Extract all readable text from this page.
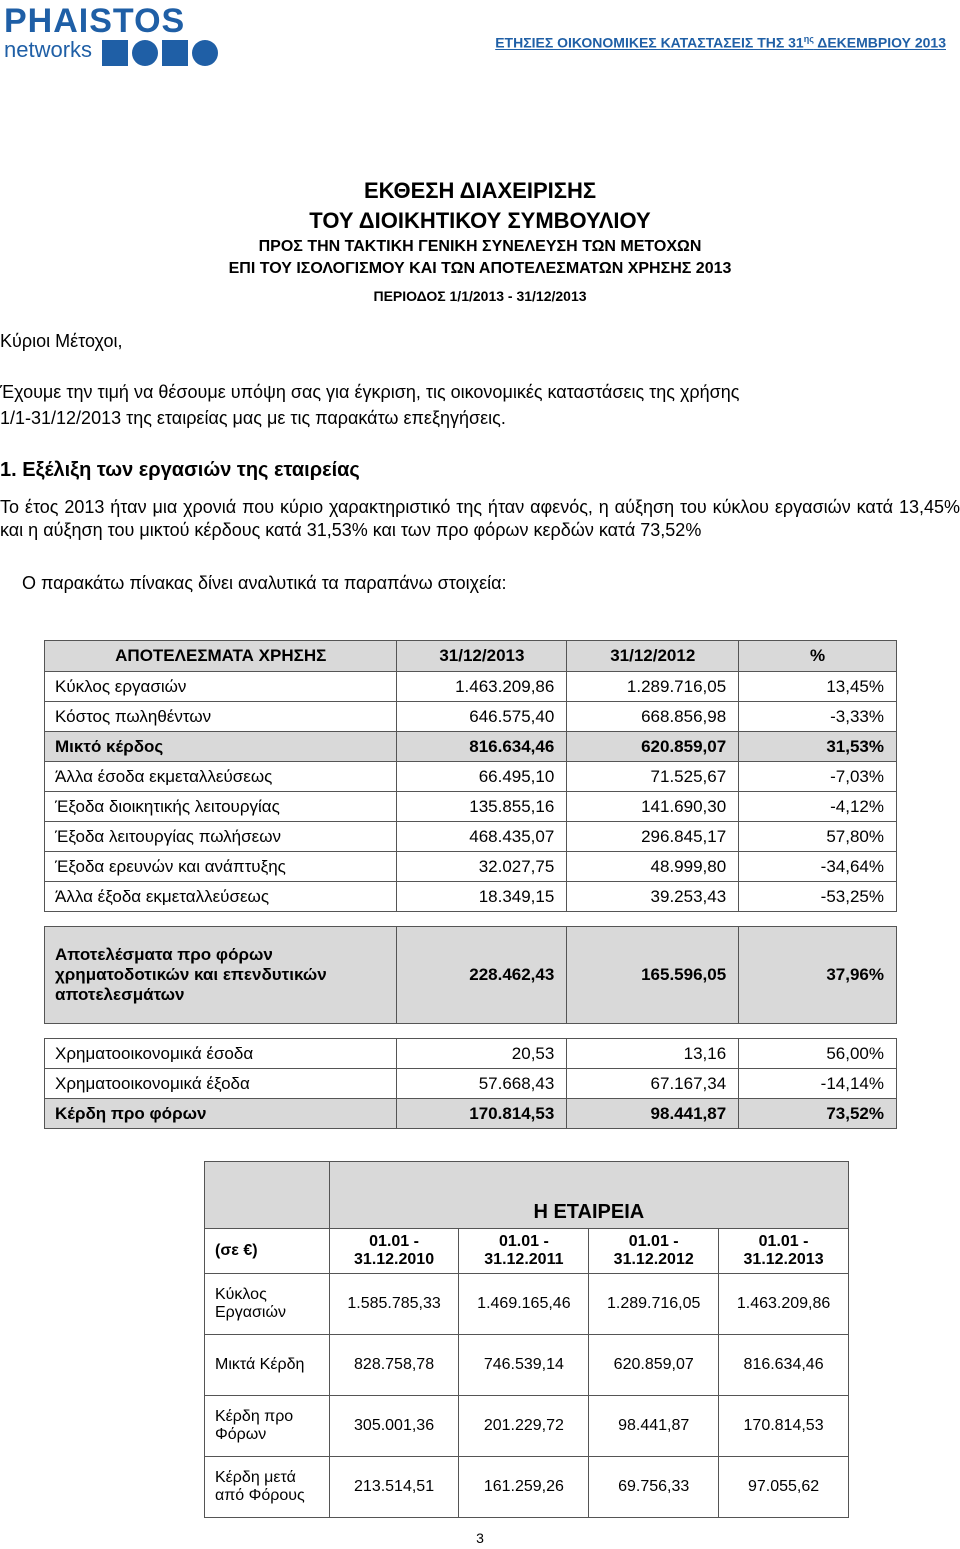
PHAISTOS
networks	ΕΤΗΣΙΕΣ ΟΙΚΟΝΟΜΙΚΕΣ ΚΑΤΑΣΤΑΣΕΙΣ ΤΗΣ $31^{\eta\varsigma}$ ΔΕΚΕΜΒΡΙΟΥ 2013
ΕΚΘΕΣΗ ΔΙΑΧΕΙΡΙΣΗΣ
ΤΟΥ ΔΙΟΙΚΗΤΙΚΟΥ ΣΥΜΒΟΥΛΙΟΥ
ΠΡΟΣ ΤΗΝ ΤΑΚΤΙΚΗ ΓΕΝΙΚΗ ΣΥΝΕΛΕΥΣΗ ΤΩΝ ΜΕΤΟΧΩΝ
ΕΠΙ ΤΟΥ ΙΣΟΛΟΓΙΣΜΟΥ ΚΑΙ ΤΩΝ ΑΠΟΤΕΛΕΣΜΑΤΩΝ ΧΡΗΣΗΣ 2013
ΠΕΡΙΟΔΟΣ 1/1/2013 - 31/12/2013
Κύριοι Μέτοχοι,
Έχουμε την τιμή να θέσουμε υπόψη σας για έγκριση, τις οικονομικές καταστάσεις της χρήσης
1/1-31/12/2013 της εταιρείας μας με τις παρακάτω επεξηγήσεις.
1. Εξέλιξη των εργασιών της εταιρείας
Το έτος 2013 ήταν μια χρονιά που κύριο χαρακτηριστικό της ήταν αφενός, η αύξηση του κύκλου εργασιών κατά 13,45% και η αύξηση του μικτού κέρδους κατά 31,53% και των προ φόρων κερδών κατά 73,52%
Ο παρακάτω πίνακας δίνει αναλυτικά τα παραπάνω στοιχεία:
ΑΠΟΤΕΛΕΣΜΑΤΑ ΧΡΗΣΗΣ	31/12/2013	31/12/2012	%
Κύκλος εργασιών	1.463.209,86	1.289.716,05	13,45%
Κόστος πωληθέντων	646.575,40	668.856,98	-3,33%
Μικτό κέρδος	816.634,46	620.859,07	31,53%
Άλλα έσοδα εκμεταλλεύσεως	66.495,10	71.525,67	-7,03%
Έξοδα διοικητικής λειτουργίας	135.855,16	141.690,30	-4,12%
Έξοδα λειτουργίας πωλήσεων	468.435,07	296.845,17	57,80%
Έξοδα ερευνών και ανάπτυξης	32.027,75	48.999,80	-34,64%
Άλλα έξοδα εκμεταλλεύσεως	18.349,15	39.253,43	-53,25%

Αποτελέσματα προ φόρων χρηματοδοτικών και επενδυτικών αποτελεσμάτων	228.462,43	165.596,05	37,96%

Χρηματοοικονομικά έσοδα	20,53	13,16	56,00%
Χρηματοοικονομικά έξοδα	57.668,43	67.167,34	-14,14%
Κέρδη προ φόρων	170.814,53	98.441,87	73,52%
	Η ΕΤΑΙΡΕΙΑ			
(σε €)	01.01 - 31.12.2010	01.01 - 31.12.2011	01.01 - 31.12.2012	01.01 - 31.12.2013
Κύκλος Εργασιών	1.585.785,33	1.469.165,46	1.289.716,05	1.463.209,86
Μικτά Κέρδη	828.758,78	746.539,14	620.859,07	816.634,46
Κέρδη προ Φόρων	305.001,36	201.229,72	98.441,87	170.814,53
Κέρδη μετά από Φόρους	213.514,51	161.259,26	69.756,33	97.055,62
3
